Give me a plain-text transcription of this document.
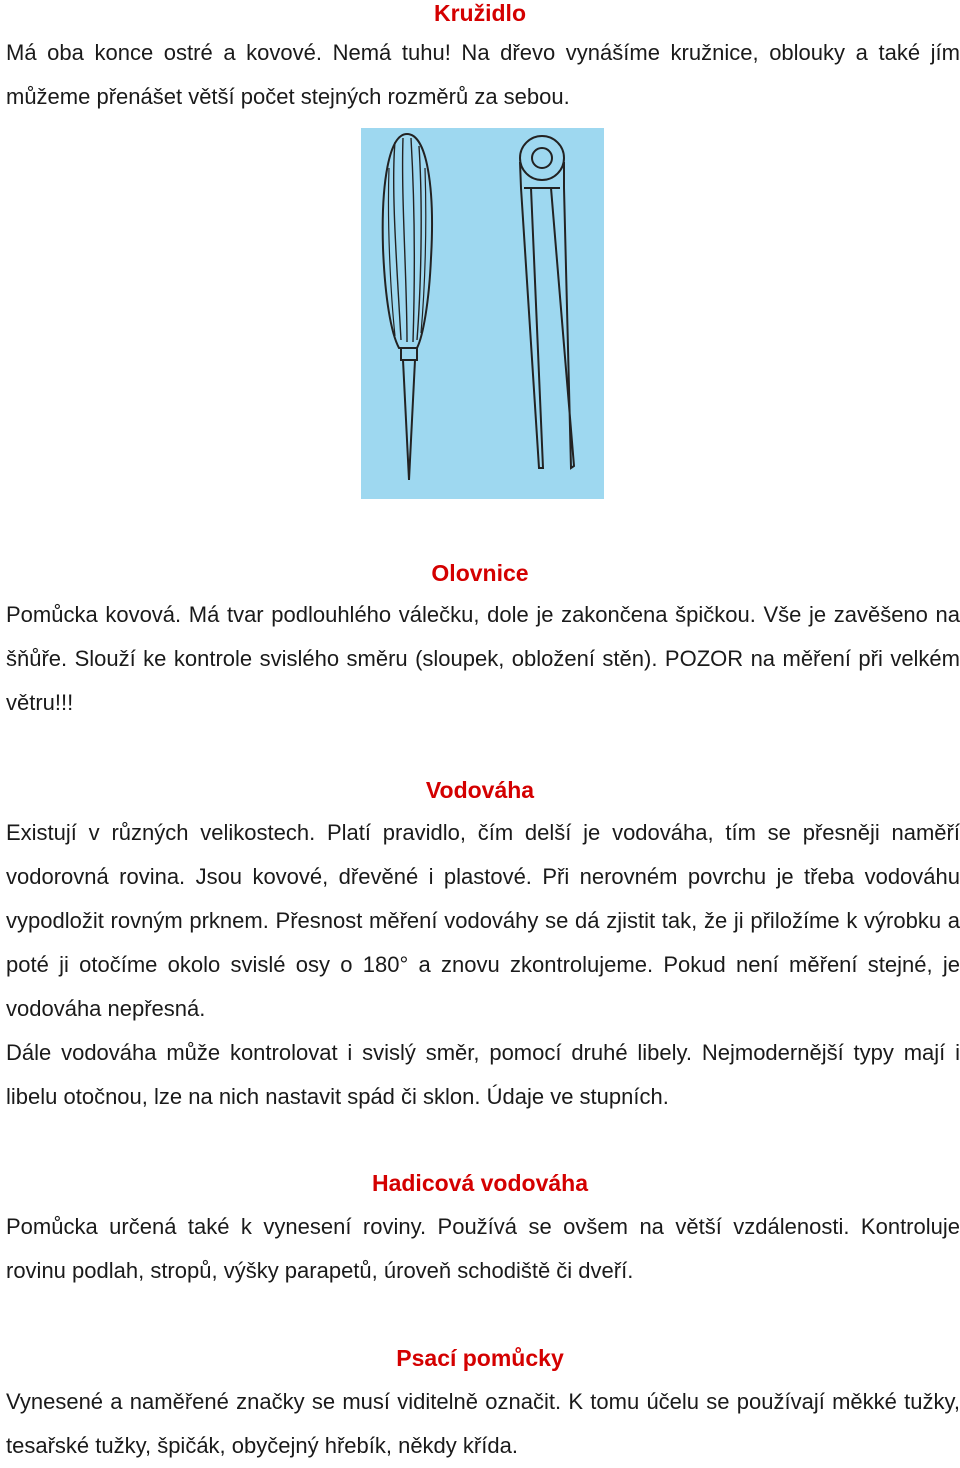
Kružidlo

Má oba konce ostré a kovové. Nemá tuhu! Na dřevo vynášíme kružnice, oblouky a také jím můžeme přenášet větší počet stejných rozměrů za sebou.

Olovnice

Pomůcka kovová. Má tvar podlouhlého válečku, dole je zakončena špičkou. Vše je zavěšeno na šňůře. Slouží ke kontrole svislého směru (sloupek, obložení stěn). POZOR na měření při velkém větru!!!

Vodováha

Existují v různých velikostech. Platí pravidlo, čím delší je vodováha, tím se přesněji naměří vodorovná rovina. Jsou kovové, dřevěné i plastové. Při nerovném povrchu je třeba vodováhu vypodložit rovným prknem. Přesnost měření vodováhy se dá zjistit tak, že ji přiložíme k výrobku a poté ji otočíme okolo svislé osy o 180° a znovu zkontrolujeme. Pokud není měření stejné, je vodováha nepřesná.

Dále vodováha může kontrolovat i svislý směr, pomocí druhé libely. Nejmodernější typy mají i libelu otočnou, lze na nich nastavit spád či sklon. Údaje ve stupních.

Hadicová vodováha

Pomůcka určená také k vynesení roviny. Používá se ovšem na větší vzdálenosti. Kontroluje rovinu podlah, stropů, výšky parapetů, úroveň schodiště či dveří.

Psací pomůcky

Vynesené a naměřené značky se musí viditelně označit. K tomu účelu se používají měkké tužky, tesařské tužky, špičák, obyčejný hřebík, někdy křída.
